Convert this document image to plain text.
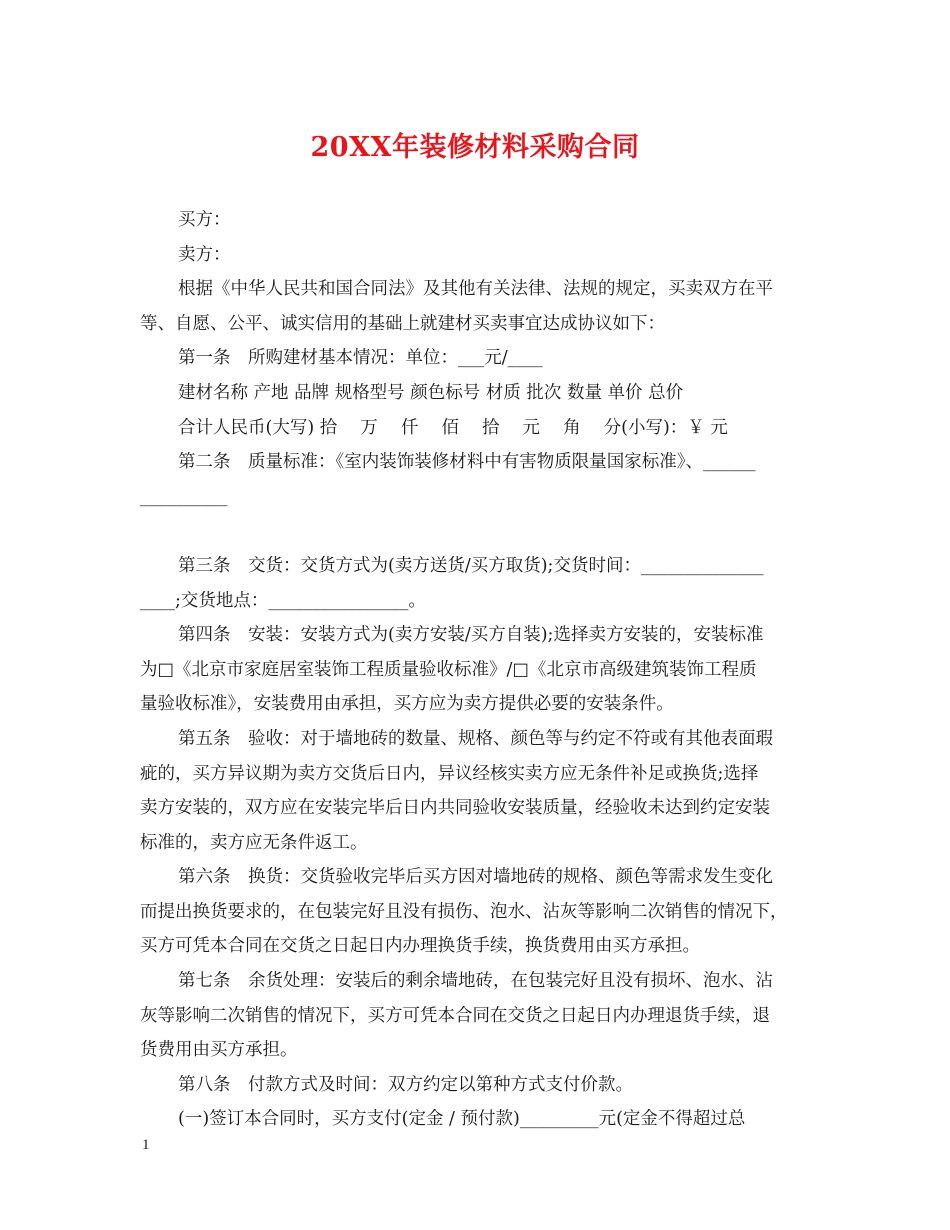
20XX年装修材料采购合同

买方：

卖方：

根据《中华人民共和国合同法》及其他有关法律、法规的规定，买卖双方在平

等、自愿、公平、诚实信用的基础上就建材买卖事宜达成协议如下：

第一条　所购建材基本情况：单位：___元/____

建材名称 产地 品牌 规格型号 颜色标号 材质 批次 数量 单价 总价

合计人民币(大写) 拾　 万　 仟　 佰　 拾　 元　 角　 分(小写)：￥ 元

第二条　质量标准：《室内装饰装修材料中有害物质限量国家标准》、______

__________

第三条　交货：交货方式为(卖方送货/买方取货);交货时间：______________

____;交货地点：________________。

第四条　安装：安装方式为(卖方安装/买方自装);选择卖方安装的，安装标准

为□《北京市家庭居室装饰工程质量验收标准》/□《北京市高级建筑装饰工程质

量验收标准》，安装费用由承担，买方应为卖方提供必要的安装条件。

第五条　验收：对于墙地砖的数量、规格、颜色等与约定不符或有其他表面瑕

疵的，买方异议期为卖方交货后日内，异议经核实卖方应无条件补足或换货;选择

卖方安装的，双方应在安装完毕后日内共同验收安装质量，经验收未达到约定安装

标准的，卖方应无条件返工。

第六条　换货：交货验收完毕后买方因对墙地砖的规格、颜色等需求发生变化

而提出换货要求的，在包装完好且没有损伤、泡水、沾灰等影响二次销售的情况下，

买方可凭本合同在交货之日起日内办理换货手续，换货费用由买方承担。

第七条　余货处理：安装后的剩余墙地砖，在包装完好且没有损坏、泡水、沾

灰等影响二次销售的情况下，买方可凭本合同在交货之日起日内办理退货手续，退

货费用由买方承担。

第八条　付款方式及时间：双方约定以第种方式支付价款。

(一)签订本合同时，买方支付(定金 / 预付款)_________元(定金不得超过总

1
